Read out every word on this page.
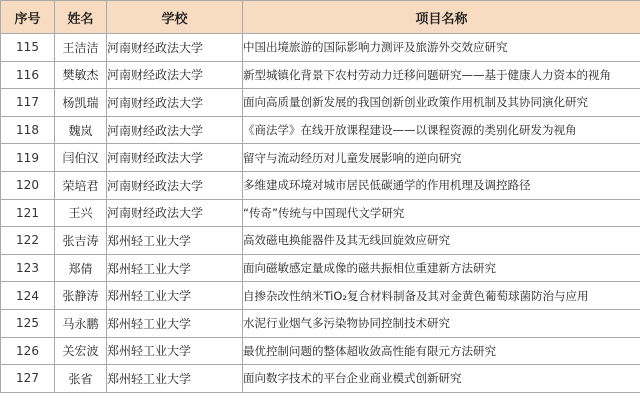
序号	姓名	学校	项目名称
115	王洁洁	河南财经政法大学	中国出境旅游的国际影响力测评及旅游外交效应研究
116	樊敏杰	河南财经政法大学	新型城镇化背景下农村劳动力迁移问题研究——基于健康人力资本的视角
117	杨凯瑞	河南财经政法大学	面向高质量创新发展的我国创新创业政策作用机制及其协同演化研究
118	魏岚	河南财经政法大学	《商法学》在线开放课程建设——以课程资源的类别化研发为视角
119	闫伯汉	河南财经政法大学	留守与流动经历对儿童发展影响的逆向研究
120	荣培君	河南财经政法大学	多维建成环境对城市居民低碳通学的作用机理及调控路径
121	王兴	河南财经政法大学	“传奇”传统与中国现代文学研究
122	张吉涛	郑州轻工业大学	高效磁电换能器件及其无线回旋效应研究
123	郑倩	郑州轻工业大学	面向磁敏感定量成像的磁共振相位重建新方法研究
124	张静涛	郑州轻工业大学	自掺杂改性纳米TiO₂复合材料制备及其对金黄色葡萄球菌防治与应用
125	马永鹏	郑州轻工业大学	水泥行业烟气多污染物协同控制技术研究
126	关宏波	郑州轻工业大学	最优控制问题的整体超收敛高性能有限元方法研究
127	张省	郑州轻工业大学	面向数字技术的平台企业商业模式创新研究
